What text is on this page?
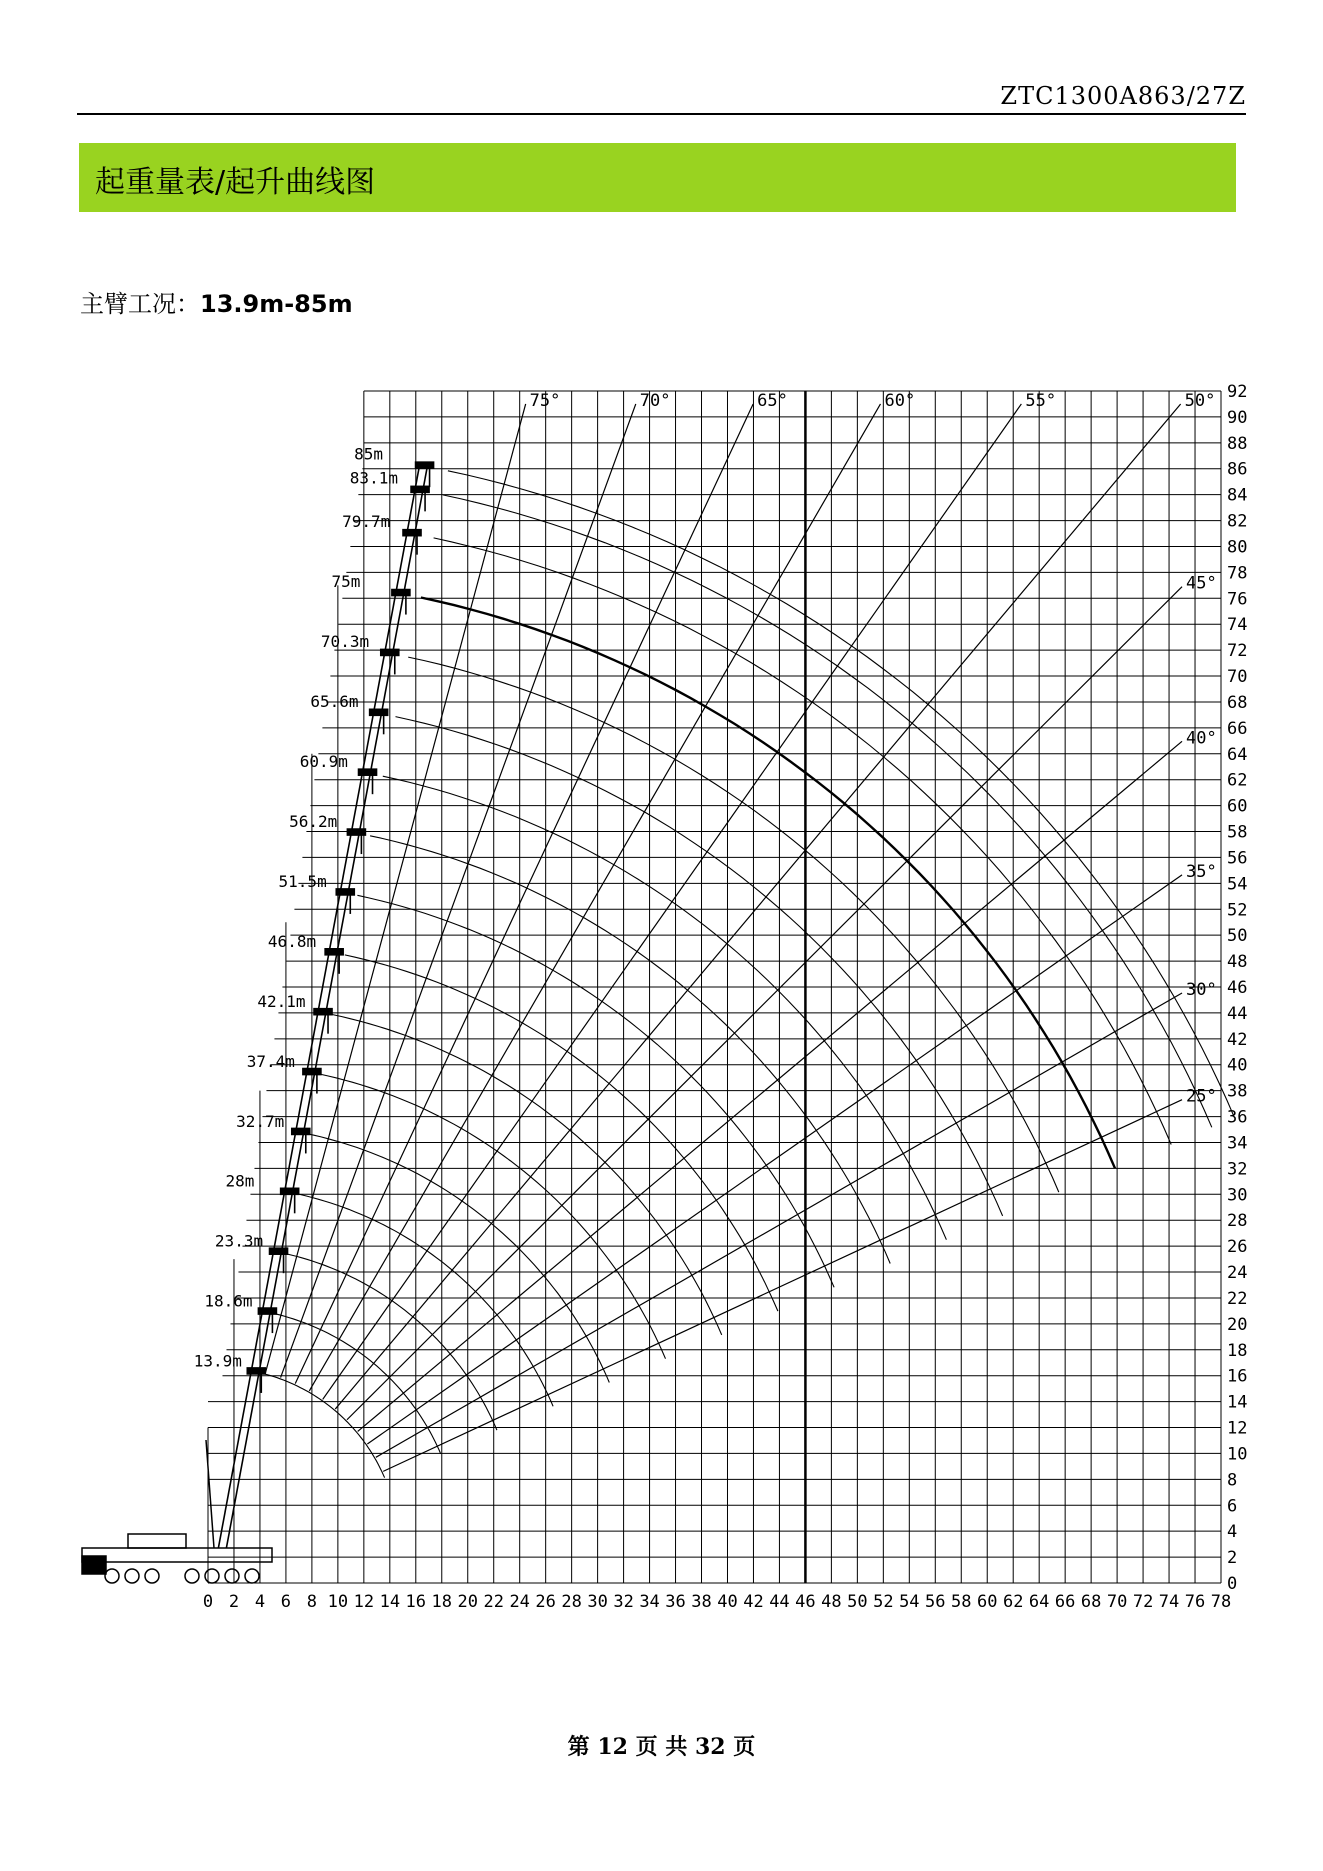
ZTC1300A863/27Z
起重量表/起升曲线图
主臂工况：13.9m-85m
0 2 4 6 8 10 12 14 16 18 20 22 24 26 28 30 32 34 36 38 40 42 44 46 48 50 52 54 56 58 60 62 64 66 68 70 72 74 76 78
0
2
4
6
8
10
12
14
16
18
20
22
24
26
28
30
32
34
36
38
40
42
44
46
48
50
52
54
56
58
60
62
64
66
68
70
72
74
76
78
80
82
84
86
88
90
92
75°	70°	65°	60°	55°	50°
45°
40°
35°
30°
25°
13.9m
18.6m
23.3m
28m
32.7m
37.4m
42.1m
46.8m
51.5m
56.2m
60.9m
65.6m
70.3m
75m
79.7m
83.1m
85m
第 12 页 共 32 页
